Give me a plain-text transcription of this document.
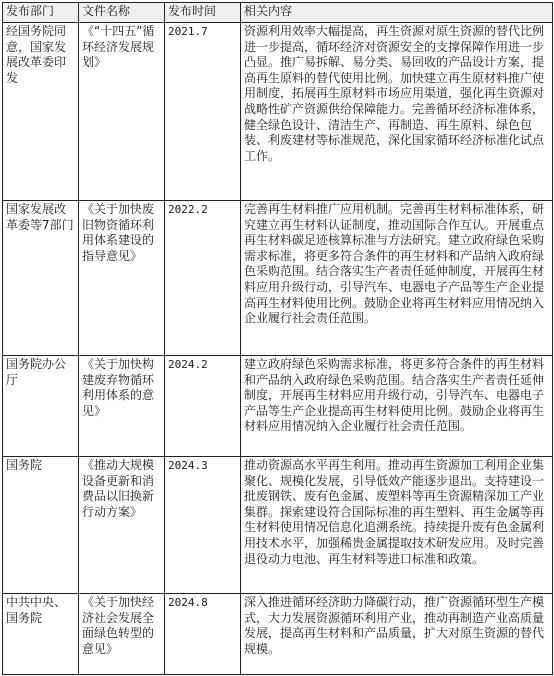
发布部门	文件名称	发布时间	相关内容
经国务院同意，国家发展改革委印发	《“十四五”循环经济发展规划》	2021.7	资源利用效率大幅提高，再生资源对原生资源的替代比例进一步提高，循环经济对资源安全的支撑保障作用进一步凸显。推广易拆解、易分类、易回收的产品设计方案，提高再生原料的替代使用比例。加快建立再生原材料推广使用制度，拓展再生原材料市场应用渠道，强化再生资源对战略性矿产资源供给保障能力。完善循环经济标准体系，健全绿色设计、清洁生产、再制造、再生原料、绿色包装、利废建材等标准规范，深化国家循环经济标准化试点工作。
国家发展改革委等7部门	《关于加快废旧物资循环利用体系建设的指导意见》	2022.2	完善再生材料推广应用机制。完善再生材料标准体系，研究建立再生材料认证制度，推动国际合作互认。开展重点再生材料碳足迹核算标准与方法研究。建立政府绿色采购需求标准，将更多符合条件的再生材料和产品纳入政府绿色采购范围。结合落实生产者责任延伸制度，开展再生材料应用升级行动，引导汽车、电器电子产品等生产企业提高再生材料使用比例。鼓励企业将再生材料应用情况纳入企业履行社会责任范围。
国务院办公厅	《关于加快构建废弃物循环利用体系的意见》	2024.2	建立政府绿色采购需求标准，将更多符合条件的再生材料和产品纳入政府绿色采购范围。结合落实生产者责任延伸制度，开展再生材料应用升级行动，引导汽车、电器电子产品等生产企业提高再生材料使用比例。鼓励企业将再生材料应用情况纳入企业履行社会责任范围。
国务院	《推动大规模设备更新和消费品以旧换新行动方案》	2024.3	推动资源高水平再生利用。推动再生资源加工利用企业集聚化、规模化发展，引导低效产能逐步退出。支持建设一批废钢铁、废有色金属、废塑料等再生资源精深加工产业集群。探索建设符合国际标准的再生塑料、再生金属等再生材料使用情况信息化追溯系统。持续提升废有色金属利用技术水平，加强稀贵金属提取技术研发应用。及时完善退役动力电池、再生材料等进口标准和政策。
中共中央、国务院	《关于加快经济社会发展全面绿色转型的意见》	2024.8	深入推进循环经济助力降碳行动，推广资源循环型生产模式，大力发展资源循环利用产业，推动再制造产业高质量发展，提高再生材料和产品质量，扩大对原生资源的替代规模。
